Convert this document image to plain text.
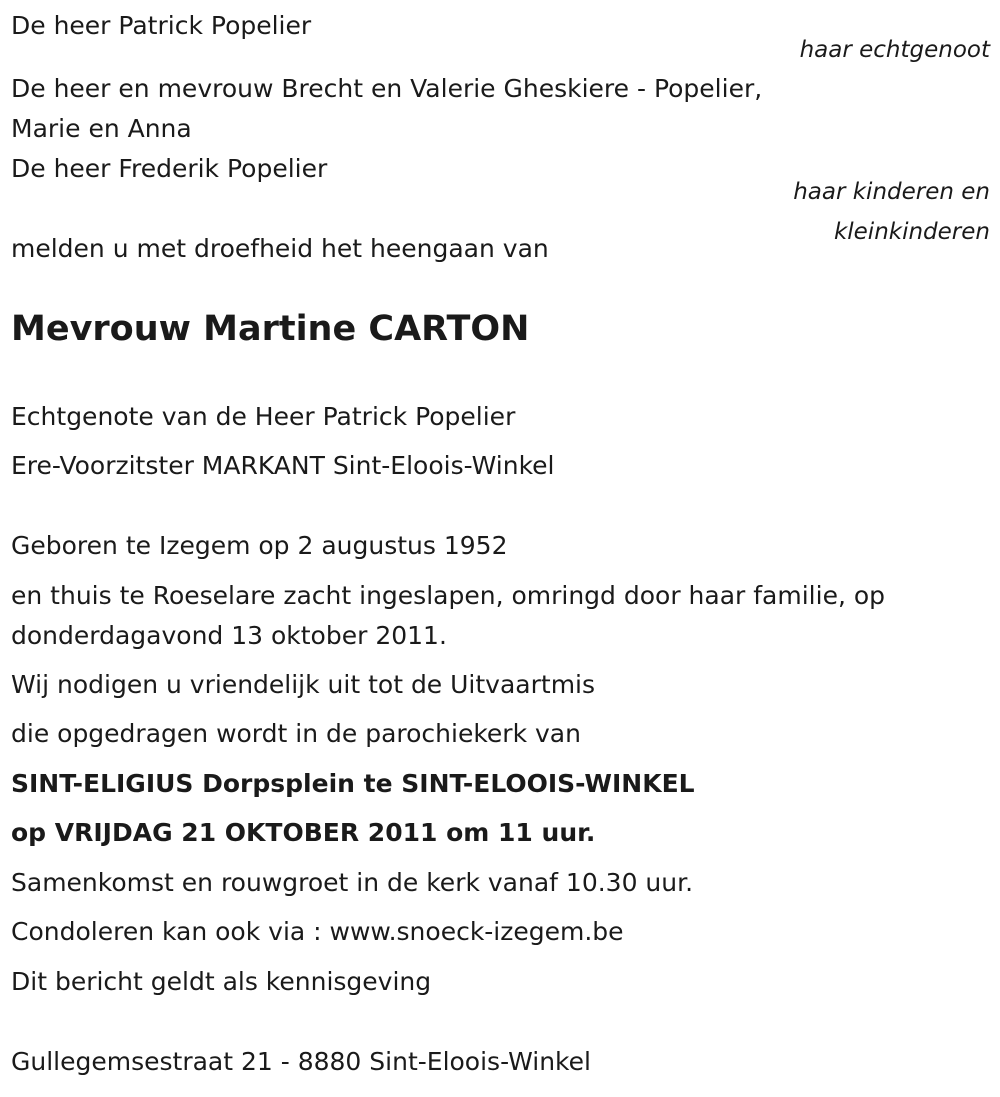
De heer Patrick Popelier

haar echtgenoot

De heer en mevrouw Brecht en Valerie Gheskiere - Popelier,

Marie en Anna

De heer Frederik Popelier

haar kinderen en

kleinkinderen

melden u met droefheid het heengaan van

Mevrouw Martine CARTON

Echtgenote van de Heer Patrick Popelier

Ere-Voorzitster MARKANT Sint-Eloois-Winkel

Geboren te Izegem op 2 augustus 1952

en thuis te Roeselare zacht ingeslapen, omringd door haar familie, op

donderdagavond 13 oktober 2011.

Wij nodigen u vriendelijk uit tot de Uitvaartmis

die opgedragen wordt in de parochiekerk van

SINT-ELIGIUS Dorpsplein te SINT-ELOOIS-WINKEL

op VRIJDAG 21 OKTOBER 2011 om 11 uur.

Samenkomst en rouwgroet in de kerk vanaf 10.30 uur.

Condoleren kan ook via : www.snoeck-izegem.be

Dit bericht geldt als kennisgeving

Gullegemsestraat 21 - 8880 Sint-Eloois-Winkel
